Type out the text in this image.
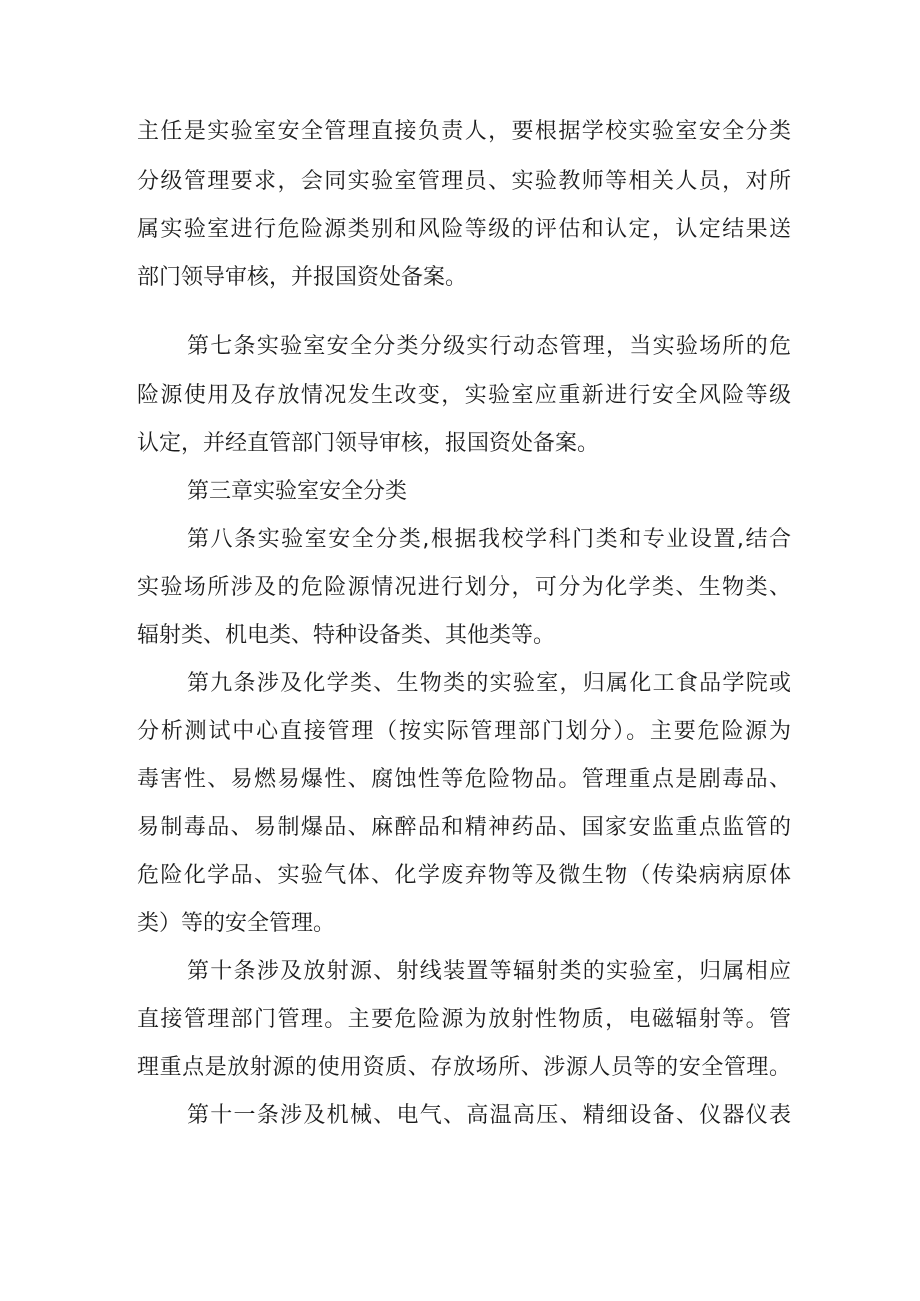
主任是实验室安全管理直接负责人，要根据学校实验室安全分类
分级管理要求，会同实验室管理员、实验教师等相关人员，对所
属实验室进行危险源类别和风险等级的评估和认定，认定结果送
部门领导审核，并报国资处备案。
第七条实验室安全分类分级实行动态管理，当实验场所的危
险源使用及存放情况发生改变，实验室应重新进行安全风险等级
认定，并经直管部门领导审核，报国资处备案。
第三章实验室安全分类
第八条实验室安全分类,根据我校学科门类和专业设置,结合
实验场所涉及的危险源情况进行划分，可分为化学类、生物类、
辐射类、机电类、特种设备类、其他类等。
第九条涉及化学类、生物类的实验室，归属化工食品学院或
分析测试中心直接管理（按实际管理部门划分）。主要危险源为
毒害性、易燃易爆性、腐蚀性等危险物品。管理重点是剧毒品、
易制毒品、易制爆品、麻醉品和精神药品、国家安监重点监管的
危险化学品、实验气体、化学废弃物等及微生物（传染病病原体
类）等的安全管理。
第十条涉及放射源、射线装置等辐射类的实验室，归属相应
直接管理部门管理。主要危险源为放射性物质，电磁辐射等。管
理重点是放射源的使用资质、存放场所、涉源人员等的安全管理。
第十一条涉及机械、电气、高温高压、精细设备、仪器仪表
